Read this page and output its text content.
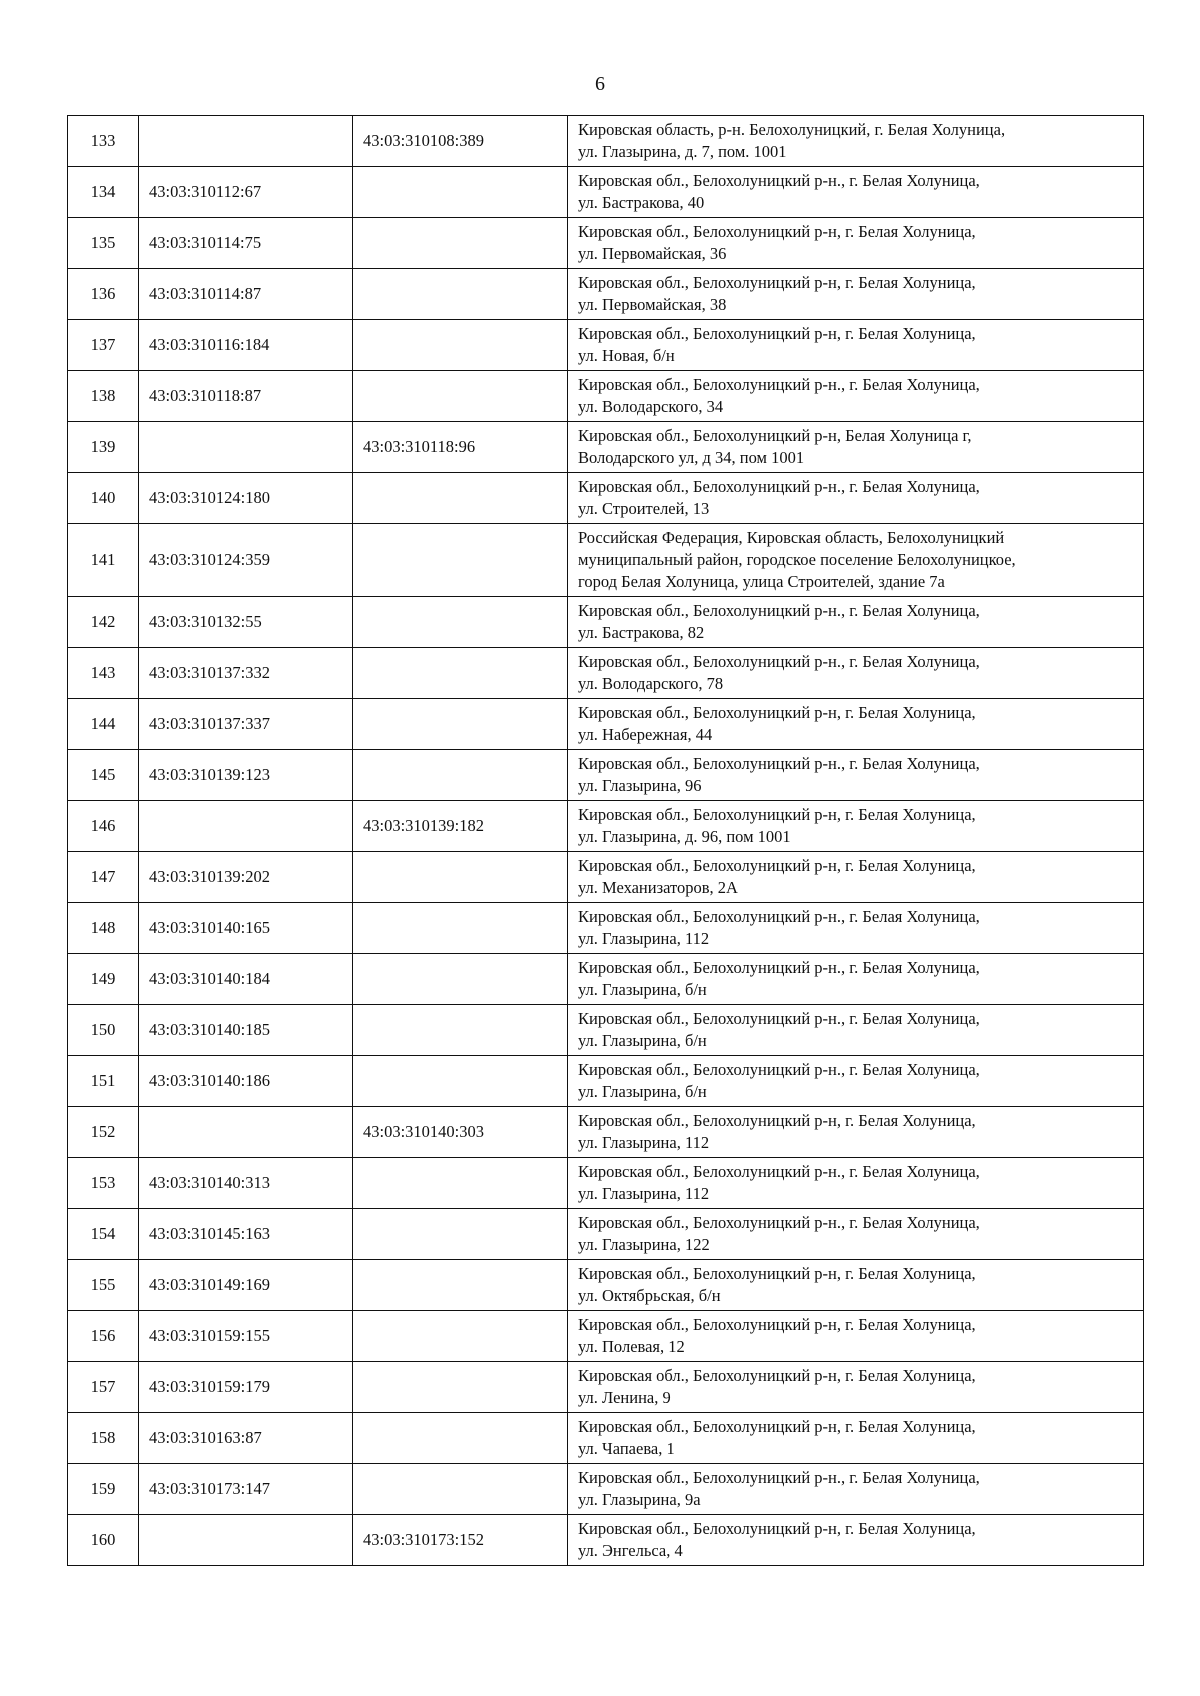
6
133		43:03:310108:389	Кировская область, р-н. Белохолуницкий, г. Белая Холуница,
ул. Глазырина, д. 7, пом. 1001

134	43:03:310112:67		Кировская обл., Белохолуницкий р-н., г. Белая Холуница,
ул. Бастракова, 40

135	43:03:310114:75		Кировская обл., Белохолуницкий р-н, г. Белая Холуница,
ул. Первомайская, 36

136	43:03:310114:87		Кировская обл., Белохолуницкий р-н, г. Белая Холуница,
ул. Первомайская, 38

137	43:03:310116:184		Кировская обл., Белохолуницкий р-н, г. Белая Холуница,
ул. Новая, б/н

138	43:03:310118:87		Кировская обл., Белохолуницкий р-н., г. Белая Холуница,
ул. Володарского, 34

139		43:03:310118:96	Кировская обл., Белохолуницкий р-н, Белая Холуница г,
Володарского ул, д 34, пом 1001

140	43:03:310124:180		Кировская обл., Белохолуницкий р-н., г. Белая Холуница,
ул. Строителей, 13

141	43:03:310124:359		Российская Федерация, Кировская область, Белохолуницкий
муниципальный район, городское поселение Белохолуницкое,
город Белая Холуница, улица Строителей, здание 7а

142	43:03:310132:55		Кировская обл., Белохолуницкий р-н., г. Белая Холуница,
ул. Бастракова, 82

143	43:03:310137:332		Кировская обл., Белохолуницкий р-н., г. Белая Холуница,
ул. Володарского, 78

144	43:03:310137:337		Кировская обл., Белохолуницкий р-н, г. Белая Холуница,
ул. Набережная, 44

145	43:03:310139:123		Кировская обл., Белохолуницкий р-н., г. Белая Холуница,
ул. Глазырина, 96

146		43:03:310139:182	Кировская обл., Белохолуницкий р-н, г. Белая Холуница,
ул. Глазырина, д. 96, пом 1001

147	43:03:310139:202		Кировская обл., Белохолуницкий р-н, г. Белая Холуница,
ул. Механизаторов, 2А

148	43:03:310140:165		Кировская обл., Белохолуницкий р-н., г. Белая Холуница,
ул. Глазырина, 112

149	43:03:310140:184		Кировская обл., Белохолуницкий р-н., г. Белая Холуница,
ул. Глазырина, б/н

150	43:03:310140:185		Кировская обл., Белохолуницкий р-н., г. Белая Холуница,
ул. Глазырина, б/н

151	43:03:310140:186		Кировская обл., Белохолуницкий р-н., г. Белая Холуница,
ул. Глазырина, б/н

152		43:03:310140:303	Кировская обл., Белохолуницкий р-н, г. Белая Холуница,
ул. Глазырина, 112

153	43:03:310140:313		Кировская обл., Белохолуницкий р-н., г. Белая Холуница,
ул. Глазырина, 112

154	43:03:310145:163		Кировская обл., Белохолуницкий р-н., г. Белая Холуница,
ул. Глазырина, 122

155	43:03:310149:169		Кировская обл., Белохолуницкий р-н, г. Белая Холуница,
ул. Октябрьская, б/н

156	43:03:310159:155		Кировская обл., Белохолуницкий р-н, г. Белая Холуница,
ул. Полевая, 12

157	43:03:310159:179		Кировская обл., Белохолуницкий р-н, г. Белая Холуница,
ул. Ленина, 9

158	43:03:310163:87		Кировская обл., Белохолуницкий р-н, г. Белая Холуница,
ул. Чапаева, 1

159	43:03:310173:147		Кировская обл., Белохолуницкий р-н., г. Белая Холуница,
ул. Глазырина, 9а

160		43:03:310173:152	Кировская обл., Белохолуницкий р-н, г. Белая Холуница,
ул. Энгельса, 4
